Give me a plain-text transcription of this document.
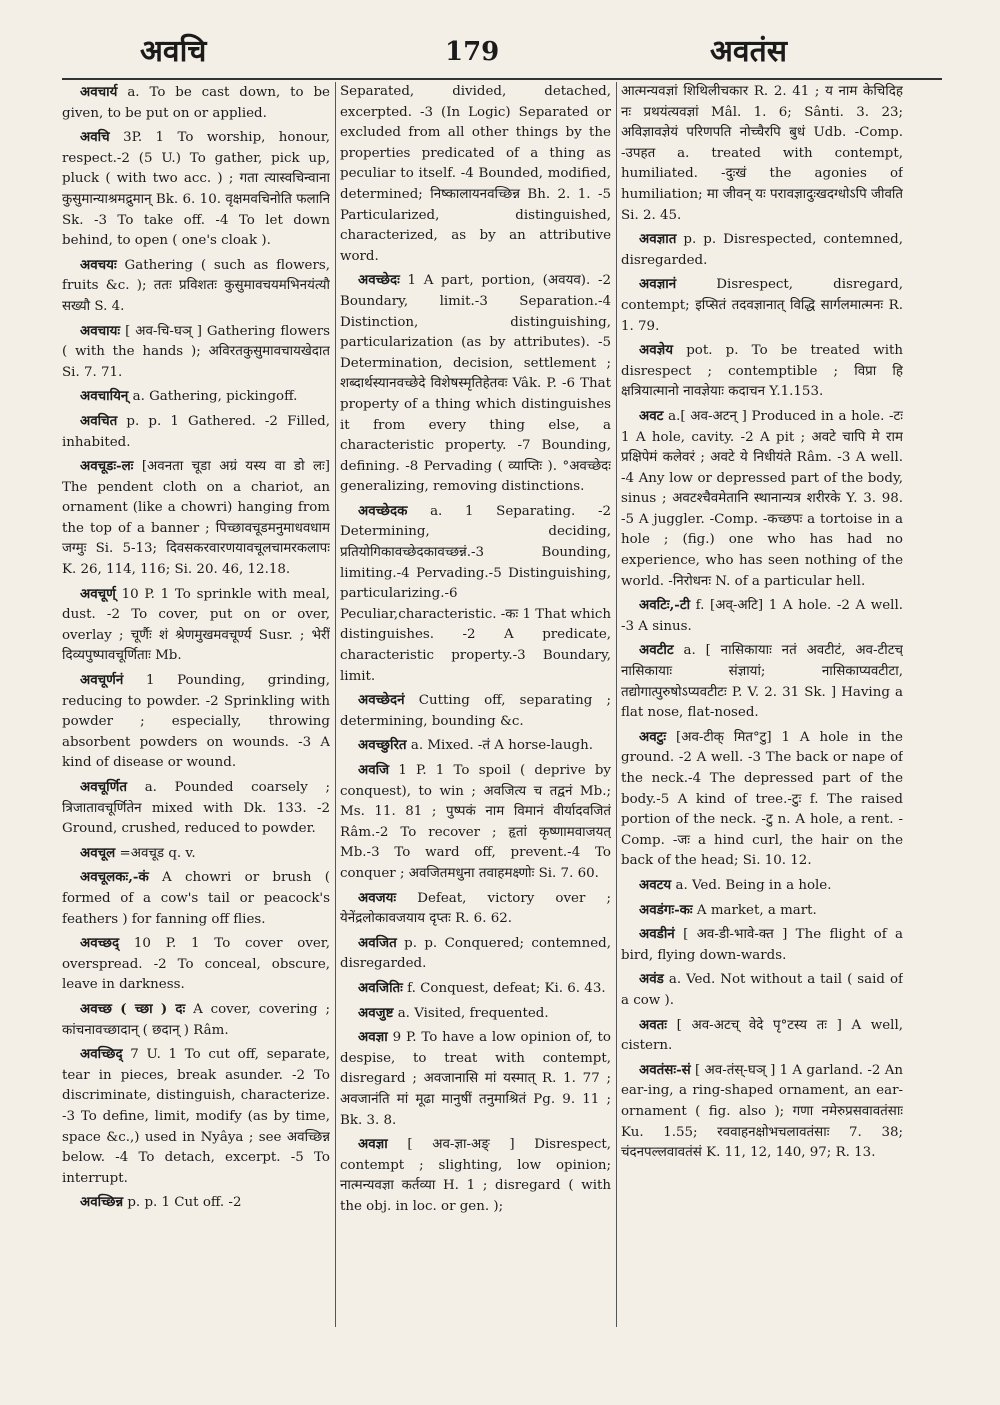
अवचि	179	अवतंस

अवचार्य a. To be cast down, to be given, to be put on or applied.

अवचि 3P. 1 To worship, honour, respect.-2 (5 U.) To gather, pick up, pluck ( with two acc. ) ; गता त्यास्वचिन्वाना कुसुमान्याश्रमद्रुमान् Bk. 6. 10. वृक्षमवचिनोति फलानि Sk. -3 To take off. -4 To let down behind, to open ( one's cloak ).

अवचयः Gathering ( such as flowers, fruits &c. ); ततः प्रविशतः कुसुमावचयमभिनयंत्यौ सख्यौ S. 4.

अवचायः [ अव-चि-घञ् ] Gathering flowers ( with the hands ); अविरतकुसुमावचायखेदात Si. 7. 71.

अवचायिन् a. Gathering, pickingoff.

अवचित p. p. 1 Gathered. -2 Filled, inhabited.

अवचूडः-लः [अवनता चूडा अग्रं यस्य वा डो लः] The pendent cloth on a chariot, an ornament (like a chowri) hanging from the top of a banner ; पिच्छावचूडमनुमाधवधाम जग्मुः Si. 5-13; दिवसकरवारणयावचूलचामरकलापः K. 26, 114, 116; Si. 20. 46, 12.18.

अवचूर्ण् 10 P. 1 To sprinkle with meal, dust. -2 To cover, put on or over, overlay ; चूर्णैः शं श्रेणमुखमवचूर्ण्य Susr. ; भेरीं दिव्यपुष्पावचूर्णिताः Mb.

अवचूर्णनं 1 Pounding, grinding, reducing to powder. -2 Sprinkling with powder ; especially, throwing absorbent powders on wounds. -3 A kind of disease or wound.

अवचूर्णित a. Pounded coarsely ; त्रिजातावचूर्णितेन mixed with Dk. 133. -2 Ground, crushed, reduced to powder.

अवचूल =अवचूड q. v.

अवचूलकः,-कं A chowri or brush ( formed of a cow's tail or peacock's feathers ) for fanning off flies.

अवच्छद् 10 P. 1 To cover over, overspread. -2 To conceal, obscure, leave in darkness.

अवच्छ ( च्छा ) दः A cover, covering ; कांचनावच्छादान् ( छदान् ) Râm.

अवच्छिद् 7 U. 1 To cut off, separate, tear in pieces, break asunder. -2 To discriminate, distinguish, characterize. -3 To define, limit, modify (as by time, space &c.,) used in Nyâya ; see अवच्छिन्न below. -4 To detach, excerpt. -5 To interrupt.

अवच्छिन्न p. p. 1 Cut off. -2

Separated, divided, detached, excerpted. -3 (In Logic) Separated or excluded from all other things by the properties predicated of a thing as peculiar to itself. -4 Bounded, modified, determined; निष्कालायनवच्छिन्न Bh. 2. 1. -5 Particularized, distinguished, characterized, as by an attributive word.

अवच्छेदः 1 A part, portion, (अवयव). -2 Boundary, limit.-3 Separation.-4 Distinction, distinguishing, particularization (as by attributes). -5 Determination, decision, settlement ; शब्दार्थस्यानवच्छेदे विशेषस्मृतिहेतवः Vâk. P. -6 That property of a thing which distinguishes it from every thing else, a characteristic property. -7 Bounding, defining. -8 Pervading ( व्याप्तिः ). °अवच्छेदः generalizing, removing distinctions.

अवच्छेदक a. 1 Separating. -2 Determining, deciding, प्रतियोगिकावच्छेदकावच्छन्नं.-3 Bounding, limiting.-4 Pervading.-5 Distinguishing, particularizing.-6 Peculiar,characteristic. -कः 1 That which distinguishes. -2 A predicate, characteristic property.-3 Boundary, limit.

अवच्छेदनं Cutting off, separating ; determining, bounding &c.

अवच्छुरित a. Mixed. -तं A horse-laugh.

अवजि 1 P. 1 To spoil ( deprive by conquest), to win ; अवजित्य च तद्वनं Mb.; Ms. 11. 81 ; पुष्पकं नाम विमानं वीर्यादवजितं Râm.-2 To recover ; हृतां कृष्णामवाजयत् Mb.-3 To ward off, prevent.-4 To conquer ; अवजितमधुना तवाहमक्ष्णोः Si. 7. 60.

अवजयः Defeat, victory over ; येनेंद्रलोकावजयाय दृप्तः R. 6. 62.

अवजित p. p. Conquered; contemned, disregarded.

अवजितिः f. Conquest, defeat; Ki. 6. 43.

अवजुष्ट a. Visited, frequented.

अवज्ञा 9 P. To have a low opinion of, to despise, to treat with contempt, disregard ; अवजानासि मां यस्मात् R. 1. 77 ; अवजानंति मां मूढा मानुषीं तनुमाश्रितं Pg. 9. 11 ; Bk. 3. 8.

अवज्ञा [ अव-ज्ञा-अङ् ] Disrespect, contempt ; slighting, low opinion; नात्मन्यवज्ञा कर्तव्या H. 1 ; disregard ( with the obj. in loc. or gen. );

आत्मन्यवज्ञां शिथिलीचकार R. 2. 41 ; य नाम केचिदिह नः प्रथयंत्यवज्ञां Mâl. 1. 6; Sânti. 3. 23; अविज्ञावज्ञेयं परिणपति नोच्चैरपि बुधं Udb. -Comp. -उपहत a. treated with contempt, humiliated. -दुःखं the agonies of humiliation; मा जीवन् यः परावज्ञादुःखदग्धोऽपि जीवति Si. 2. 45.

अवज्ञात p. p. Disrespected, contemned, disregarded.

अवज्ञानं	Disrespect, disregard, contempt; इप्सितं तदवज्ञानात् विद्धि सार्गलमात्मनः R. 1. 79.

अवज्ञेय pot. p. To be treated with disrespect ; contemptible ; विप्रा हि क्षत्रियात्मानो नावज्ञेयाः कदाचन Y.1.153.

अवट a.[ अव-अटन् ] Produced in a hole. -टः 1 A hole, cavity. -2 A pit ; अवटे चापि मे राम प्रक्षिपेमं कलेवरं ; अवटे ये निधीयंते Râm. -3 A well. -4 Any low or depressed part of the body, sinus ; अवटश्चैवमेतानि स्थानान्यत्र शरीरके Y. 3. 98. -5 A juggler. -Comp. -कच्छपः a tortoise in a hole ; (fig.) one who has had no experience, who has seen nothing of the world. -निरोधनः N. of a particular hell.

अवटिः,-टी f. [अव्-अटि] 1 A hole. -2 A well. -3 A sinus.

अवटीट a. [ नासिकायाः नतं अवटीटं, अव-टीटच् नासिकायाः संज्ञायां; नासिकाप्यवटीटा, तद्योगात्पुरुषोऽप्यवटीटः P. V. 2. 31 Sk. ] Having a flat nose, flat-nosed.

अवटुः [अव-टीक् मित°टु] 1 A hole in the ground. -2 A well. -3 The back or nape of the neck.-4 The depressed part of the body.-5 A kind of tree.-टुः f. The raised portion of the neck. -टु n. A hole, a rent. -Comp. -जः a hind curl, the hair on the back of the head; Si. 10. 12.

अवटय a. Ved. Being in a hole.

अवडंगः-कः A market, a mart.

अवडीनं [ अव-डी-भावे-क्त ] The flight of a bird, flying down-wards.

अवंड a. Ved. Not without a tail ( said of a cow ).

अवतः [ अव-अटच् वेदे पृ°टस्य तः ] A well, cistern.

अवतंसः-सं [ अव-तंस्-घञ् ] 1 A garland. -2 An ear-ing, a ring-shaped ornament, an ear-ornament ( fig. also ); गणा नमेरुप्रसवावतंसाः Ku. 1.55; रववाहनक्षोभचलावतंसाः 7. 38; चंदनपल्लवावतंसं K. 11, 12, 140, 97; R. 13.
